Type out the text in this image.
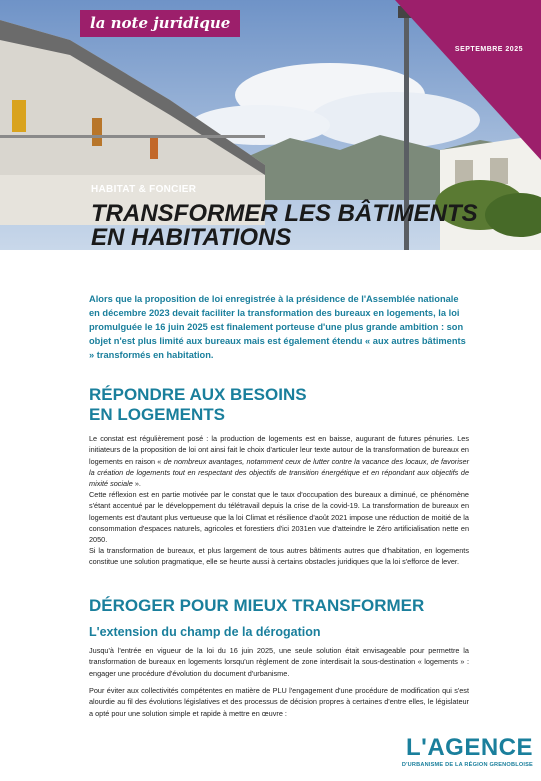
la note juridique
SEPTEMBRE 2025
HABITAT & FONCIER
TRANSFORMER LES BÂTIMENTS
EN HABITATIONS

Alors que la proposition de loi enregistrée à la présidence de l'Assemblée nationale en décembre 2023 devait faciliter la transformation des bureaux en logements, la loi promulguée le 16 juin 2025 est finalement porteuse d'une plus grande ambition : son objet n'est plus limité aux bureaux mais est également étendu « aux autres bâtiments » transformés en habitation.

RÉPONDRE AUX BESOINS
EN LOGEMENTS

Le constat est régulièrement posé : la production de logements est en baisse, augurant de futures pénuries. Les initiateurs de la proposition de loi ont ainsi fait le choix d'articuler leur texte autour de la transformation de bureaux en logements en raison « de nombreux avantages, notamment ceux de lutter contre la vacance des locaux, de favoriser la création de logements tout en respectant des objectifs de transition énergétique et en répondant aux objectifs de mixité sociale ».

Cette réflexion est en partie motivée par le constat que le taux d'occupation des bureaux a diminué, ce phénomène s'étant accentué par le développement du télétravail depuis la crise de la covid-19. La transformation de bureaux en logements est d'autant plus vertueuse que la loi Climat et résilience d'août 2021 impose une réduction de moitié de la consommation d'espaces naturels, agricoles et forestiers d'ici 2031en vue d'atteindre le Zéro artificialisation nette en 2050.

Si la transformation de bureaux, et plus largement de tous autres bâtiments autres que d'habitation, en logements constitue une solution pragmatique, elle se heurte aussi à certains obstacles juridiques que la loi s'efforce de lever.

DÉROGER POUR MIEUX TRANSFORMER
L'extension du champ de la dérogation

Jusqu'à l'entrée en vigueur de la loi du 16 juin 2025, une seule solution était envisageable pour permettre la transformation de bureaux en logements lorsqu'un règlement de zone interdisait la sous-destination « logements » : engager une procédure d'évolution du document d'urbanisme.

Pour éviter aux collectivités compétentes en matière de PLU l'engagement d'une procédure de modification qui s'est alourdie au fil des évolutions législatives et des processus de décision propres à certaines d'entre elles, le législateur a opté pour une solution simple et rapide à mettre en œuvre :

L'AGENCE
D'URBANISME DE LA RÉGION GRENOBLOISE
